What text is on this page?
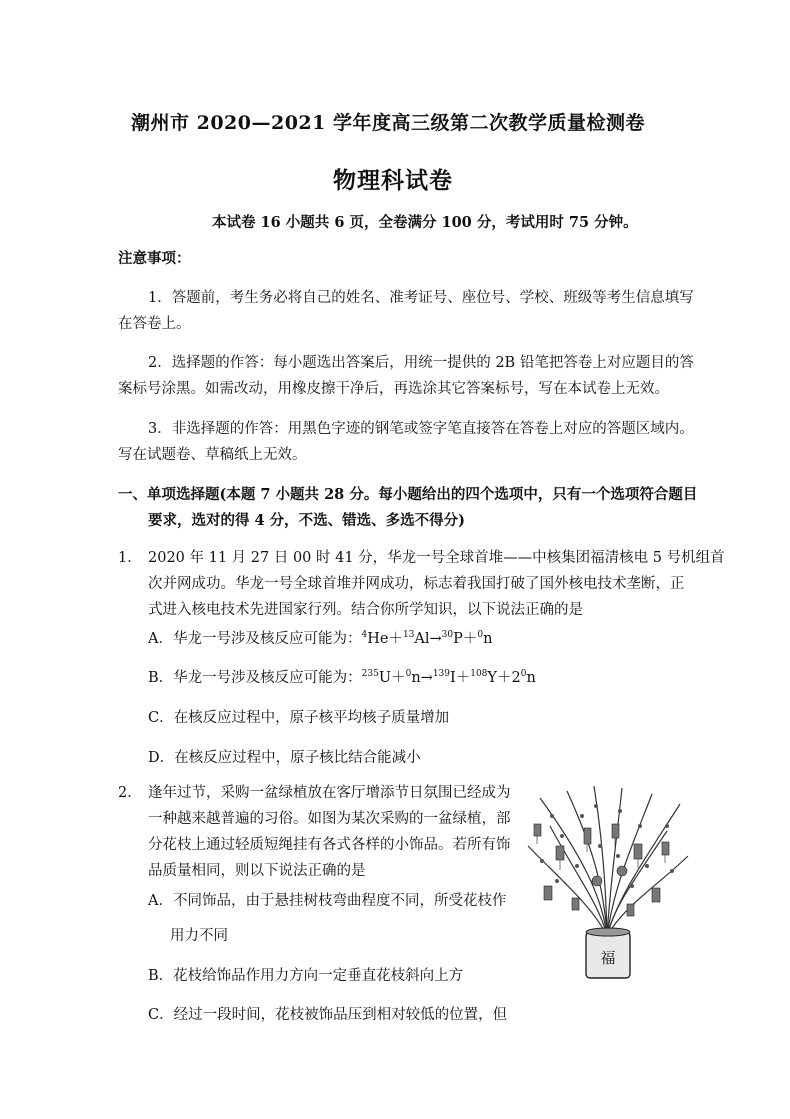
潮州市 2020—2021 学年度高三级第二次教学质量检测卷
物理科试卷
本试卷 16 小题共 6 页，全卷满分 100 分，考试用时 75 分钟。
注意事项：
1．答题前，考生务必将自己的姓名、准考证号、座位号、学校、班级等考生信息填写
在答卷上。
2．选择题的作答：每小题选出答案后，用统一提供的 2B 铅笔把答卷上对应题目的答
案标号涂黑。如需改动，用橡皮擦干净后，再选涂其它答案标号，写在本试卷上无效。
3．非选择题的作答：用黑色字迹的钢笔或签字笔直接答在答卷上对应的答题区域内。
写在试题卷、草稿纸上无效。
一、单项选择题(本题 7 小题共 28 分。每小题给出的四个选项中，只有一个选项符合题目
要求，选对的得 4 分，不选、错选、多选不得分)
1． 2020 年 11 月 27 日 00 时 41 分，华龙一号全球首堆——中核集团福清核电 5 号机组首
次并网成功。华龙一号全球首堆并网成功，标志着我国打破了国外核电技术垄断，正
式进入核电技术先进国家行列。结合你所学知识，以下说法正确的是
A．华龙一号涉及核反应可能为：$^4$He＋$^{13}$Al→$^{30}$P＋$^0$n
B．华龙一号涉及核反应可能为：$^{235}U+^0n\to^{139}I+^{108}Y+2^0n$
C．在核反应过程中，原子核平均核子质量增加
D．在核反应过程中，原子核比结合能减小
2． 逢年过节，采购一盆绿植放在客厅增添节日氛围已经成为
一种越来越普遍的习俗。如图为某次采购的一盆绿植，部
分花枝上通过轻质短绳挂有各式各样的小饰品。若所有饰
品质量相同，则以下说法正确的是
A．不同饰品，由于悬挂树枝弯曲程度不同，所受花枝作
用力不同
B．花枝给饰品作用力方向一定垂直花枝斜向上方
C．经过一段时间，花枝被饰品压到相对较低的位置，但
福
